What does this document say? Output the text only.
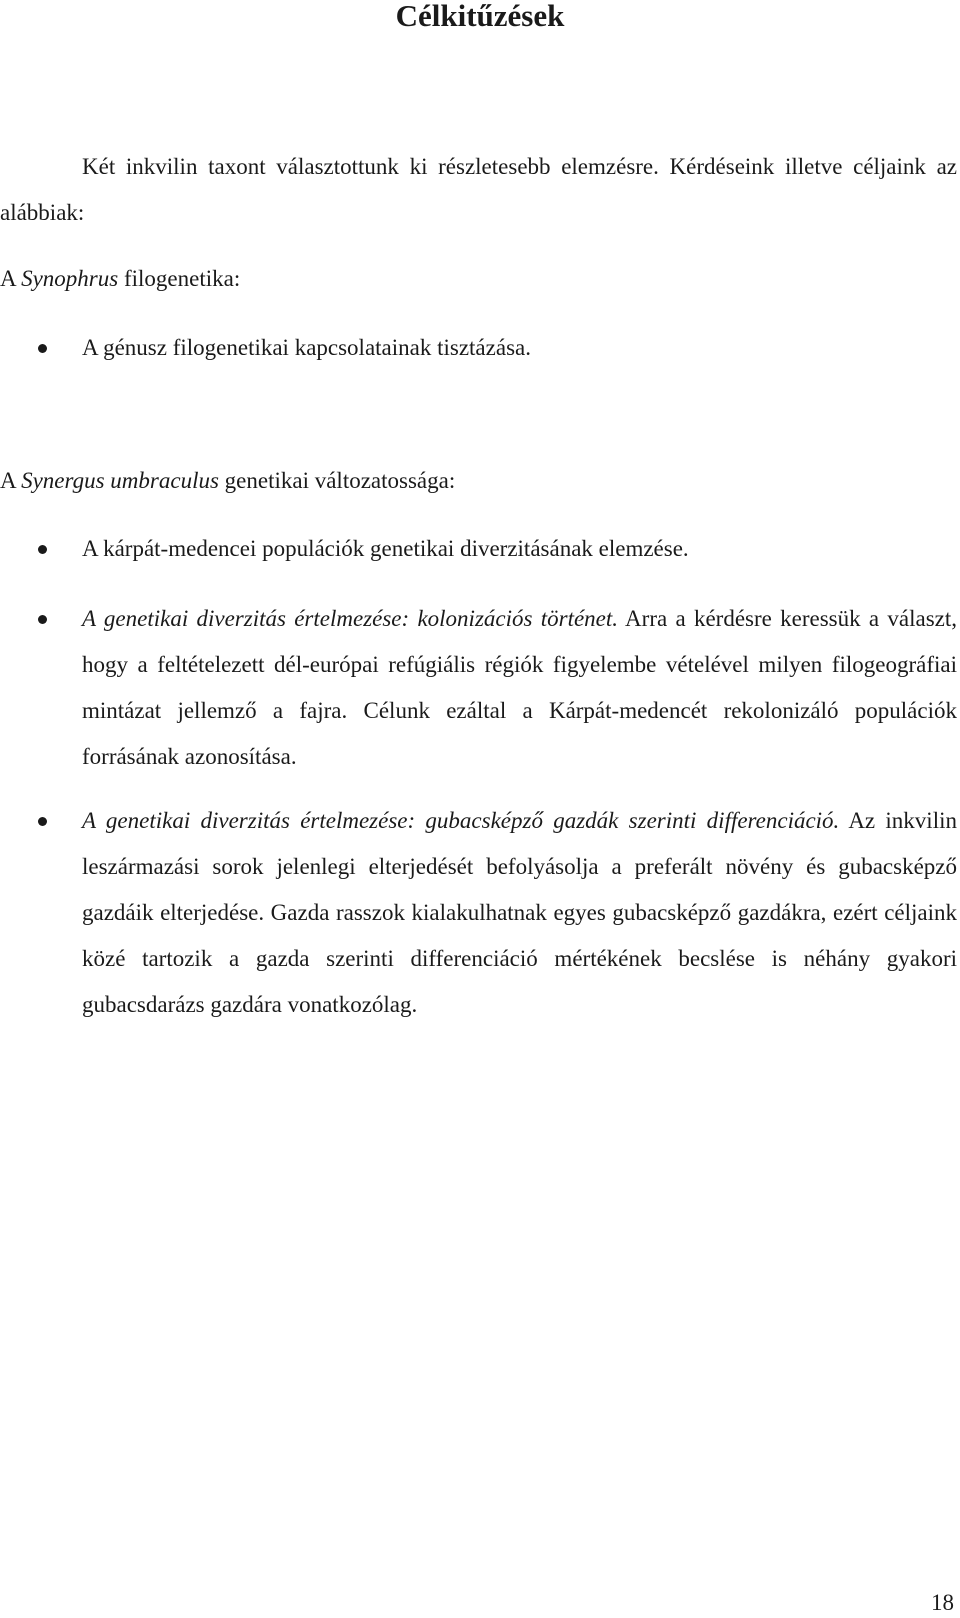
Célkitűzések

Két inkvilin taxont választottunk ki részletesebb elemzésre. Kérdéseink illetve céljaink az alábbiak:

A Synophrus filogenetika:

A génusz filogenetikai kapcsolatainak tisztázása.

A Synergus umbraculus genetikai változatossága:

A kárpát-medencei populációk genetikai diverzitásának elemzése.
A genetikai diverzitás értelmezése: kolonizációs történet. Arra a kérdésre keressük a választ, hogy a feltételezett dél-európai refúgiális régiók figyelembe vételével milyen filogeográfiai mintázat jellemző a fajra. Célunk ezáltal a Kárpát-medencét rekolonizáló populációk forrásának azonosítása.
A genetikai diverzitás értelmezése: gubacsképző gazdák szerinti differenciáció. Az inkvilin leszármazási sorok jelenlegi elterjedését befolyásolja a preferált növény és gubacsképző gazdáik elterjedése. Gazda rasszok kialakulhatnak egyes gubacsképző gazdákra, ezért céljaink közé tartozik a gazda szerinti differenciáció mértékének becslése is néhány gyakori gubacsdarázs gazdára vonatkozólag.
18
